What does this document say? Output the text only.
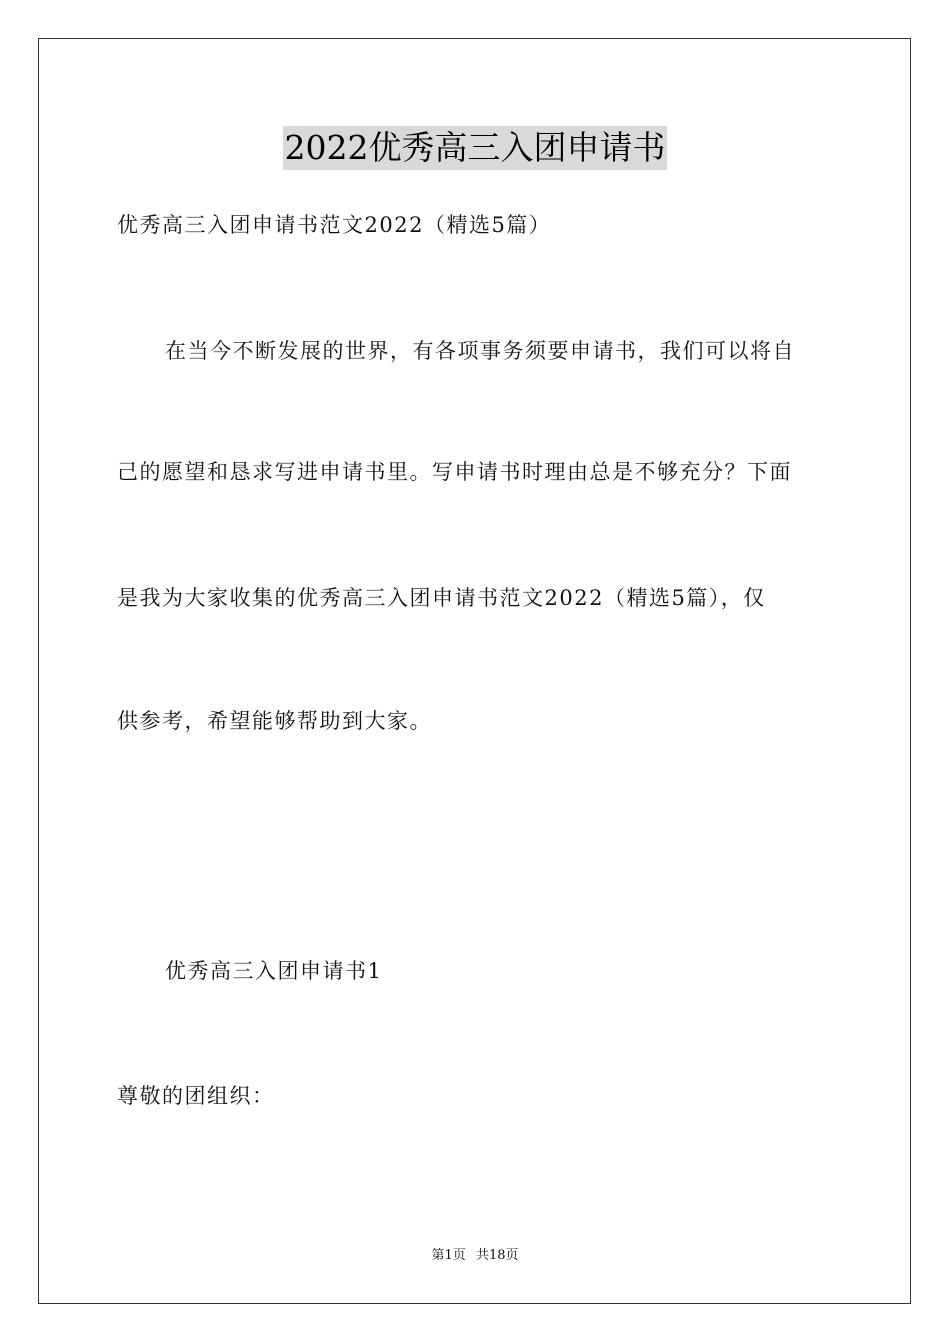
2022优秀高三入团申请书
优秀高三入团申请书范文2022（精选5篇）
在当今不断发展的世界，有各项事务须要申请书，我们可以将自
己的愿望和恳求写进申请书里。写申请书时理由总是不够充分？下面
是我为大家收集的优秀高三入团申请书范文2022（精选5篇），仅
供参考，希望能够帮助到大家。
优秀高三入团申请书1
尊敬的团组织：
第1页 共18页
